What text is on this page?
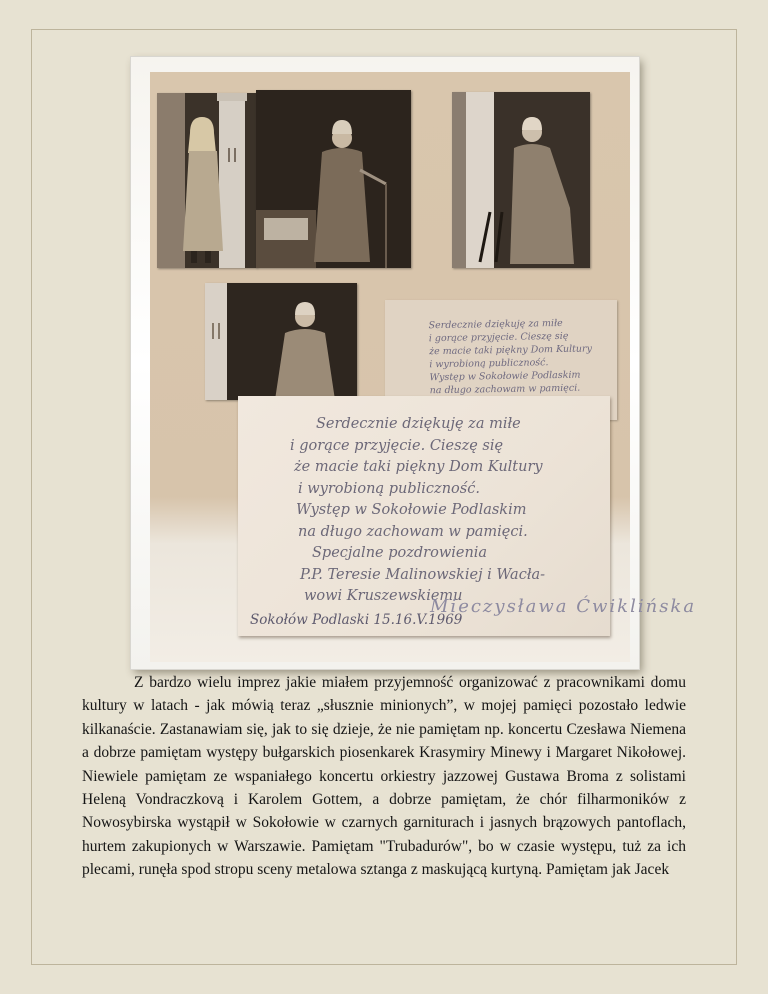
Serdecznie dziękuję za miłe
i gorące przyjęcie. Cieszę się
że macie taki piękny Dom Kultury
i wyrobioną publiczność.
Występ w Sokołowie Podlaskim
na długo zachowam w pamięci.
Serdecznie dziękuję za miłe
i gorące przyjęcie. Cieszę się
że macie taki piękny Dom Kultury
i wyrobioną publiczność.
Występ w Sokołowie Podlaskim
na długo zachowam w pamięci.
Specjalne pozdrowienia
P.P. Teresie Malinowskiej i Wacła-
wowi Kruszewskiemu
Mieczysława Ćwiklińska
Sokołów Podlaski 15.16.V.1969

Z bardzo wielu imprez jakie miałem przyjemność organizować z pracownikami domu kultury w latach - jak mówią teraz „słusznie minionych”, w mojej pamięci pozostało ledwie kilkanaście. Zastanawiam się, jak to się dzieje, że nie pamiętam np. koncertu Czesława Niemena a dobrze pamiętam występy bułgarskich piosenkarek Krasymiry Minewy i Margaret Nikołowej. Niewiele pamiętam ze wspaniałego koncertu orkiestry jazzowej Gustawa Broma z solistami Heleną Vondraczkovą i Karolem Gottem, a dobrze pamiętam, że chór filharmoników z Nowosybirska wystąpił w Sokołowie w czarnych garniturach i jasnych brązowych pantoflach, hurtem zakupionych w Warszawie. Pamiętam "Trubadurów", bo w czasie występu, tuż za ich plecami, runęła spod stropu sceny metalowa sztanga z maskującą kurtyną. Pamiętam jak Jacek
